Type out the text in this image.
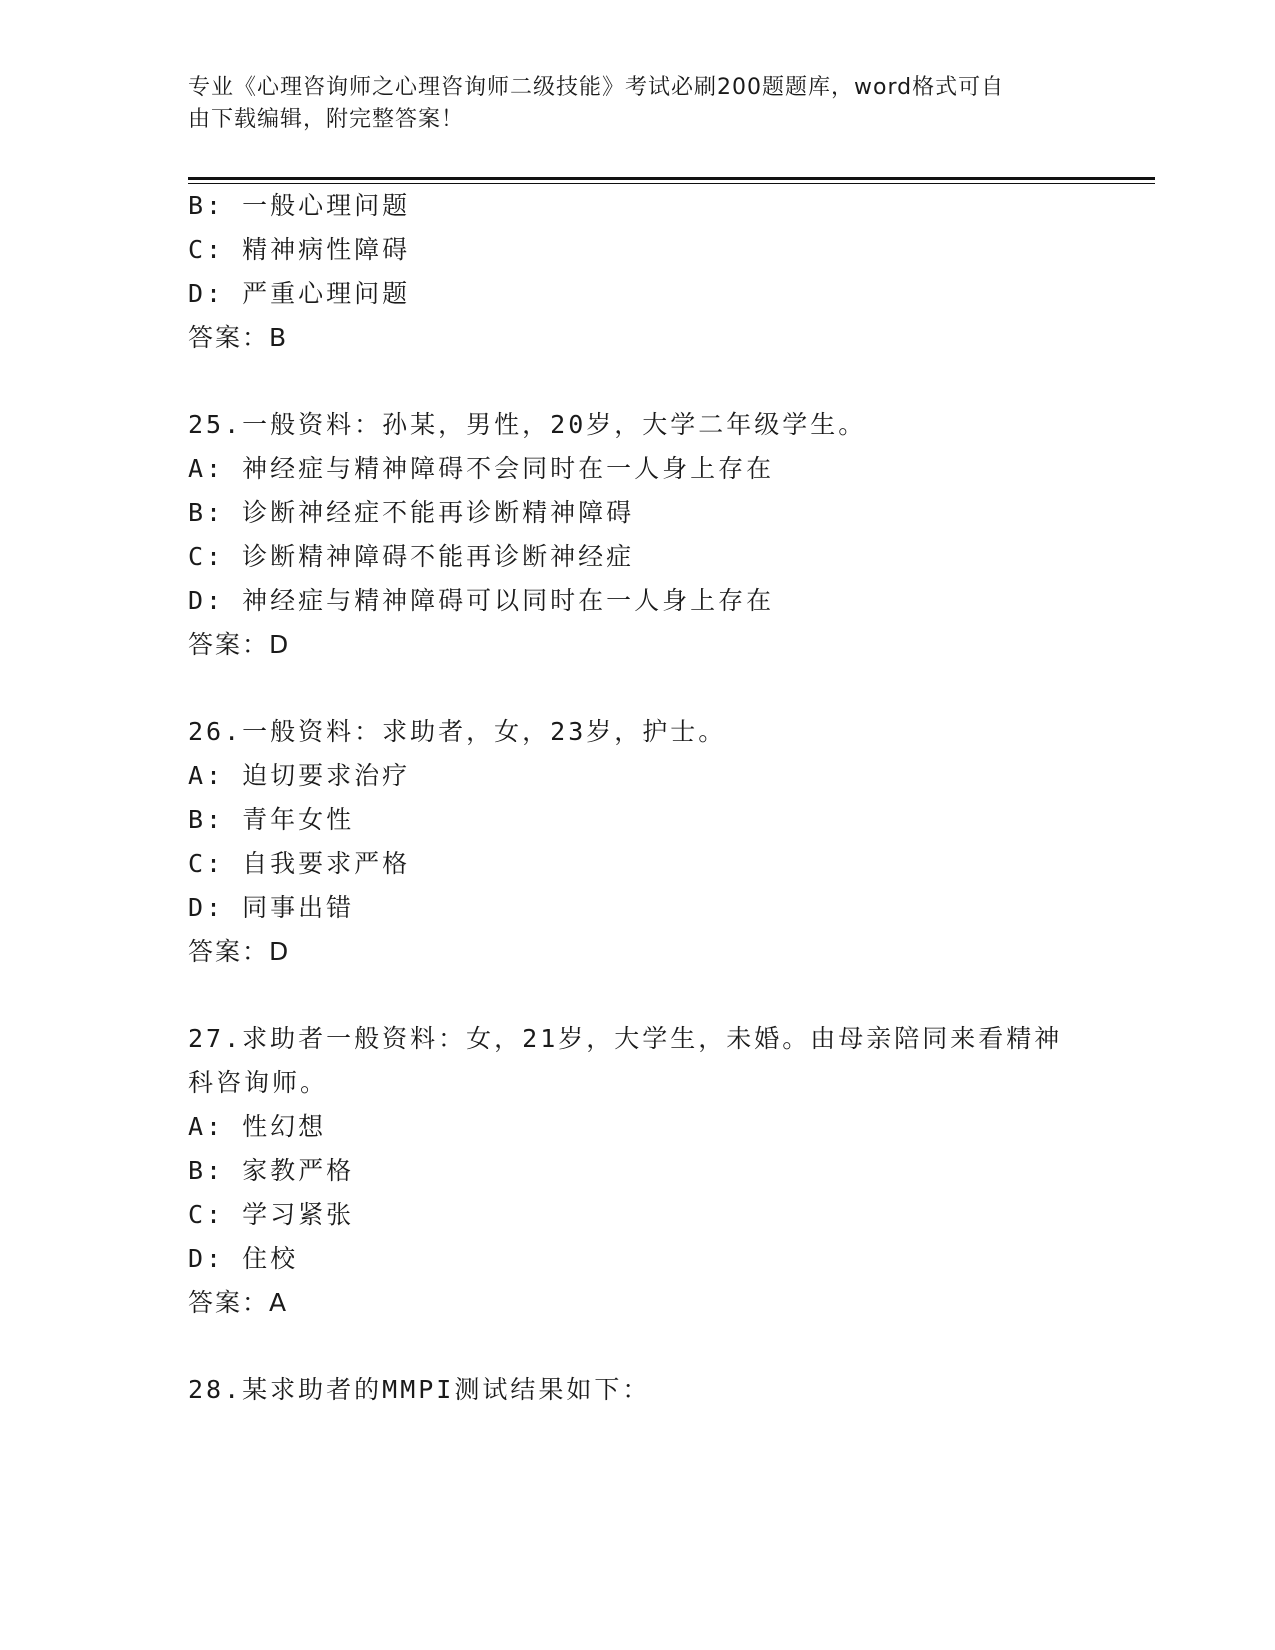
专业《心理咨询师之心理咨询师二级技能》考试必刷200题题库，word格式可自
由下载编辑，附完整答案！
B: 一般心理问题
C: 精神病性障碍
D: 严重心理问题
答案：B
25.一般资料：孙某，男性，20岁，大学二年级学生。
A: 神经症与精神障碍不会同时在一人身上存在
B: 诊断神经症不能再诊断精神障碍
C: 诊断精神障碍不能再诊断神经症
D: 神经症与精神障碍可以同时在一人身上存在
答案：D
26.一般资料：求助者，女，23岁，护士。
A: 迫切要求治疗
B: 青年女性
C: 自我要求严格
D: 同事出错
答案：D
27.求助者一般资料：女，21岁，大学生，未婚。由母亲陪同来看精神
科咨询师。
A: 性幻想
B: 家教严格
C: 学习紧张
D: 住校
答案：A
28.某求助者的MMPI测试结果如下：
